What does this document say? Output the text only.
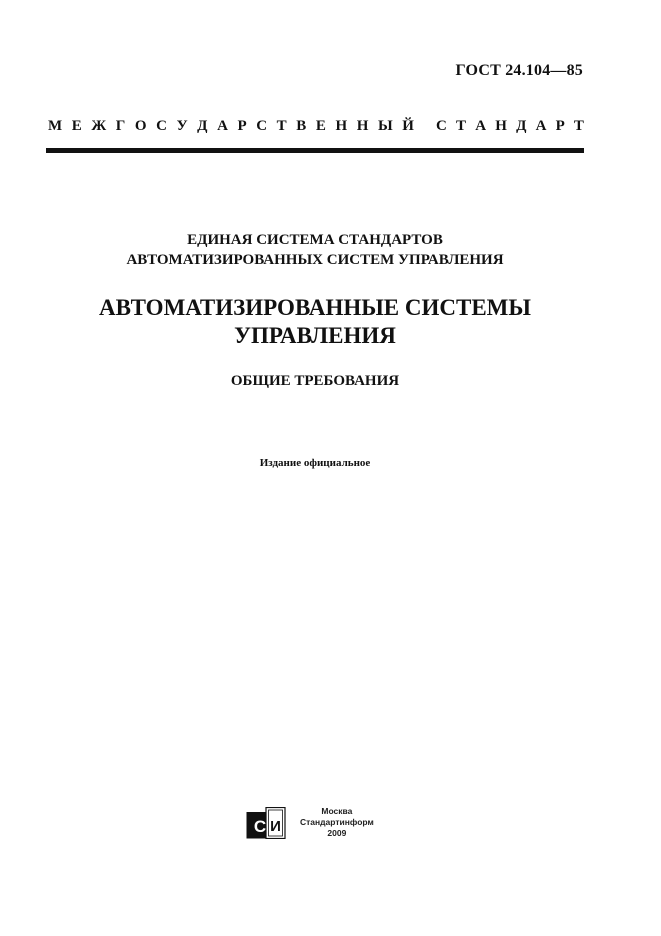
ГОСТ 24.104—85
М Е Ж Г О С У Д А Р С Т В Е Н Н Ы Й С Т А Н Д А Р Т
ЕДИНАЯ СИСТЕМА СТАНДАРТОВ
АВТОМАТИЗИРОВАННЫХ СИСТЕМ УПРАВЛЕНИЯ
АВТОМАТИЗИРОВАННЫЕ СИСТЕМЫ
УПРАВЛЕНИЯ
ОБЩИЕ ТРЕБОВАНИЯ
Издание официальное
С И
Москва
Стандартинформ
2009
